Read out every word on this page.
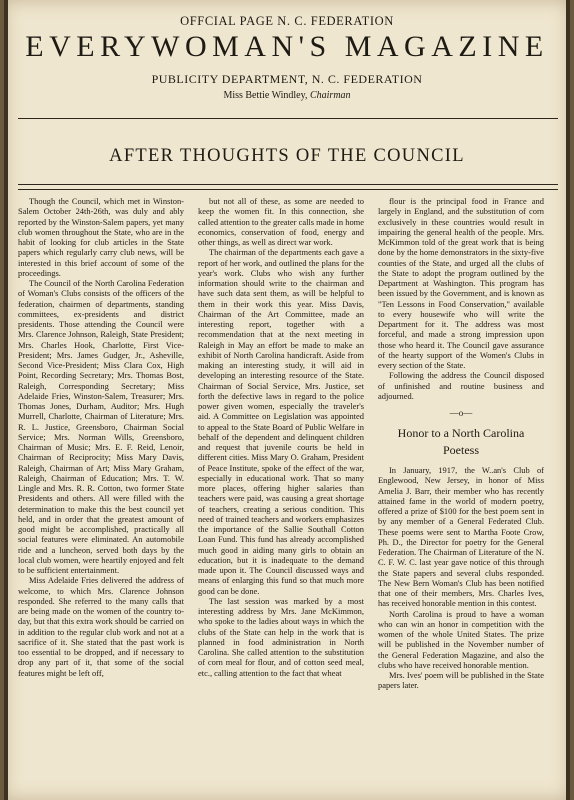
OFFCIAL PAGE N. C. FEDERATION
EVERYWOMAN'S MAGAZINE
PUBLICITY DEPARTMENT, N. C. FEDERATION
Miss Bettie Windley, Chairman
AFTER THOUGHTS OF THE COUNCIL

Though the Council, which met in Winston-Salem October 24th-26th, was duly and ably reported by the Winston-Salem papers, yet many club women throughout the State, who are in the habit of looking for club articles in the State papers which regularly carry club news, will be interested in this brief account of some of the proceedings.

The Council of the North Carolina Federation of Woman's Clubs consists of the officers of the federation, chairmen of departments, standing committees, ex-presidents and district presidents. Those attending the Council were Mrs. Clarence Johnson, Raleigh, State President; Mrs. Charles Hook, Charlotte, First Vice-President; Mrs. James Gudger, Jr., Asheville, Second Vice-President; Miss Clara Cox, High Point, Recording Secretary; Mrs. Thomas Bost, Raleigh, Corresponding Secretary; Miss Adelaide Fries, Winston-Salem, Treasurer; Mrs. Thomas Jones, Durham, Auditor; Mrs. Hugh Murrell, Charlotte, Chairman of Literature; Mrs. R. L. Justice, Greensboro, Chairman Social Service; Mrs. Norman Wills, Greensboro, Chairman of Music; Mrs. E. F. Reid, Lenoir, Chairman of Reciprocity; Miss Mary Davis, Raleigh, Chairman of Art; Miss Mary Graham, Raleigh, Chairman of Education; Mrs. T. W. Lingle and Mrs. R. R. Cotton, two former State Presidents and others. All were filled with the determination to make this the best council yet held, and in order that the greatest amount of good might be accomplished, practically all social features were eliminated. An automobile ride and a luncheon, served both days by the local club women, were heartily enjoyed and felt to be sufficient entertainment.

Miss Adelaide Fries delivered the address of welcome, to which Mrs. Clarence Johnson responded. She referred to the many calls that are being made on the women of the country to-day, but that this extra work should be carried on in addition to the regular club work and not at a sacrifice of it. She stated that the past work is too essential to be dropped, and if necessary to drop any part of it, that some of the social features might be left off,

but not all of these, as some are needed to keep the women fit. In this connection, she called attention to the greater calls made in home economics, conservation of food, energy and other things, as well as direct war work.

The chairman of the departments each gave a report of her work, and outlined the plans for the year's work. Clubs who wish any further information should write to the chairman and have such data sent them, as will be helpful to them in their work this year. Miss Davis, Chairman of the Art Committee, made an interesting report, together with a recommendation that at the next meeting in Raleigh in May an effort be made to make an exhibit of North Carolina handicraft. Aside from making an interesting study, it will aid in developing an interesting resource of the State. Chairman of Social Service, Mrs. Justice, set forth the defective laws in regard to the police power given women, especially the traveler's aid. A Committee on Legislation was appointed to appeal to the State Board of Public Welfare in behalf of the dependent and delinquent children and request that juvenile courts be held in different cities. Miss Mary O. Graham, President of Peace Institute, spoke of the effect of the war, especially in educational work. That so many more places, offering higher salaries than teachers were paid, was causing a great shortage of teachers, creating a serious condition. This need of trained teachers and workers emphasizes the importance of the Sallie Southall Cotton Loan Fund. This fund has already accomplished much good in aiding many girls to obtain an education, but it is inadequate to the demand made upon it. The Council discussed ways and means of enlarging this fund so that much more good can be done.

The last session was marked by a most interesting address by Mrs. Jane McKimmon, who spoke to the ladies about ways in which the clubs of the State can help in the work that is planned in food administration in North Carolina. She called attention to the substitution of corn meal for flour, and of cotton seed meal, etc., calling attention to the fact that wheat

flour is the principal food in France and largely in England, and the substitution of corn exclusively in these countries would result in impairing the general health of the people. Mrs. McKimmon told of the great work that is being done by the home demonstrators in the sixty-five counties of the State, and urged all the clubs of the State to adopt the program outlined by the Department at Washington. This program has been issued by the Government, and is known as "Ten Lessons in Food Conservation," available to every housewife who will write the Department for it. The address was most forceful, and made a strong impression upon those who heard it. The Council gave assurance of the hearty support of the Women's Clubs in every section of the State.

Following the address the Council disposed of unfinished and routine business and adjourned.

—o—
Honor to a North Carolina
Poetess

In January, 1917, the W..an's Club of Englewood, New Jersey, in honor of Miss Amelia J. Barr, their member who has recently attained fame in the world of modern poetry, offered a prize of $100 for the best poem sent in by any member of a General Federated Club. These poems were sent to Martha Foote Crow, Ph. D., the Director for poetry for the General Federation. The Chairman of Literature of the N. C. F. W. C. last year gave notice of this through the State papers and several clubs responded. The New Bern Woman's Club has been notified that one of their members, Mrs. Charles Ives, has received honorable mention in this contest.

North Carolina is proud to have a woman who can win an honor in competition with the women of the whole United States. The prize will be published in the November number of the General Federation Magazine, and also the clubs who have received honorable mention.

Mrs. Ives' poem will be published in the State papers later.
